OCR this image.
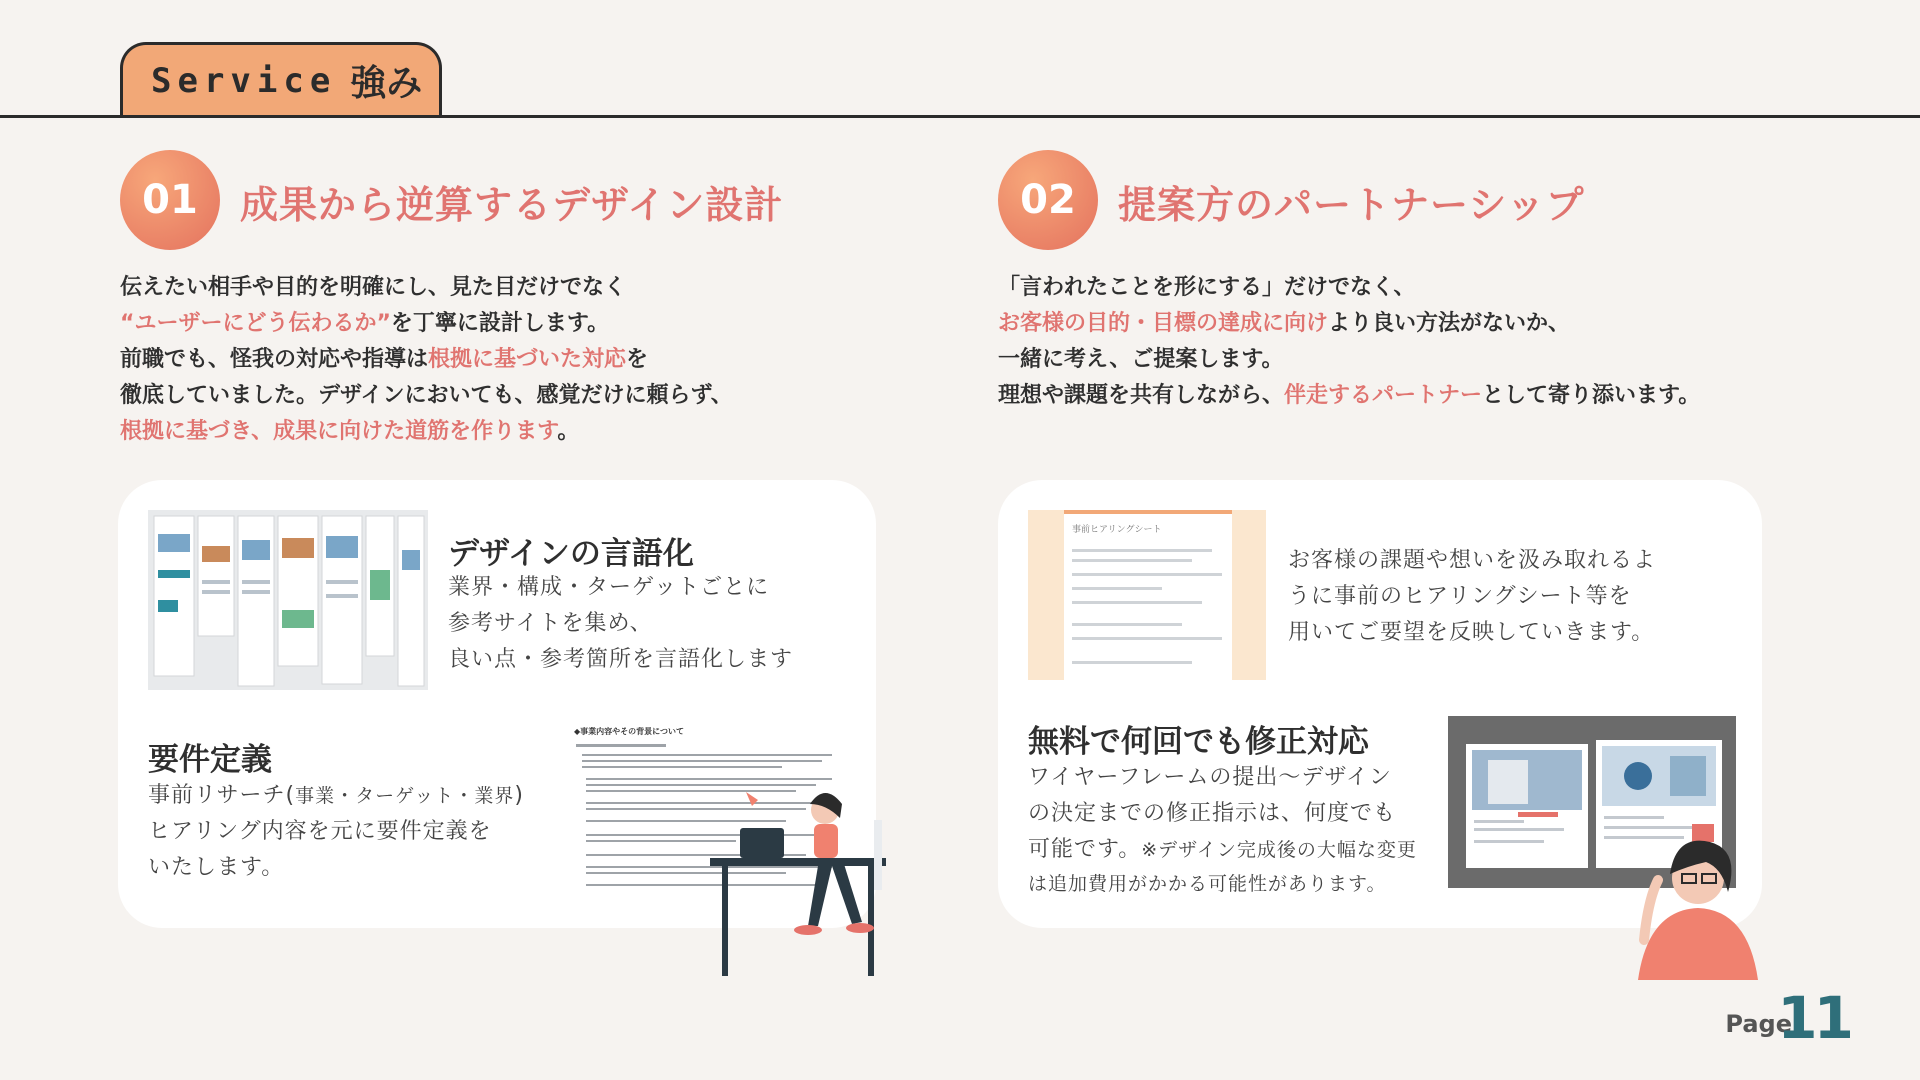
Service 強み
01	成果から逆算するデザイン設計
伝えたい相手や目的を明確にし、見た目だけでなく
“ユーザーにどう伝わるか”を丁寧に設計します。
前職でも、怪我の対応や指導は根拠に基づいた対応を
徹底していました。デザインにおいても、感覚だけに頼らず、
根拠に基づき、成果に向けた道筋を作ります。
02	提案方のパートナーシップ
「言われたことを形にする」だけでなく、
お客様の目的・目標の達成に向けより良い方法がないか、
一緒に考え、ご提案します。
理想や課題を共有しながら、伴走するパートナーとして寄り添います。
デザインの言語化
業界・構成・ターゲットごとに
参考サイトを集め、
良い点・参考箇所を言語化します
要件定義
事前リサーチ(事業・ターゲット・業界)
ヒアリング内容を元に要件定義を
いたします。
◆事業内容やその背景について
事前ヒアリングシート
お客様の課題や想いを汲み取れるよ
うに事前のヒアリングシート等を
用いてご要望を反映していきます。
無料で何回でも修正対応
ワイヤーフレームの提出〜デザイン
の決定までの修正指示は、何度でも
可能です。※デザイン完成後の大幅な変更
は追加費用がかかる可能性があります。
Page
11
